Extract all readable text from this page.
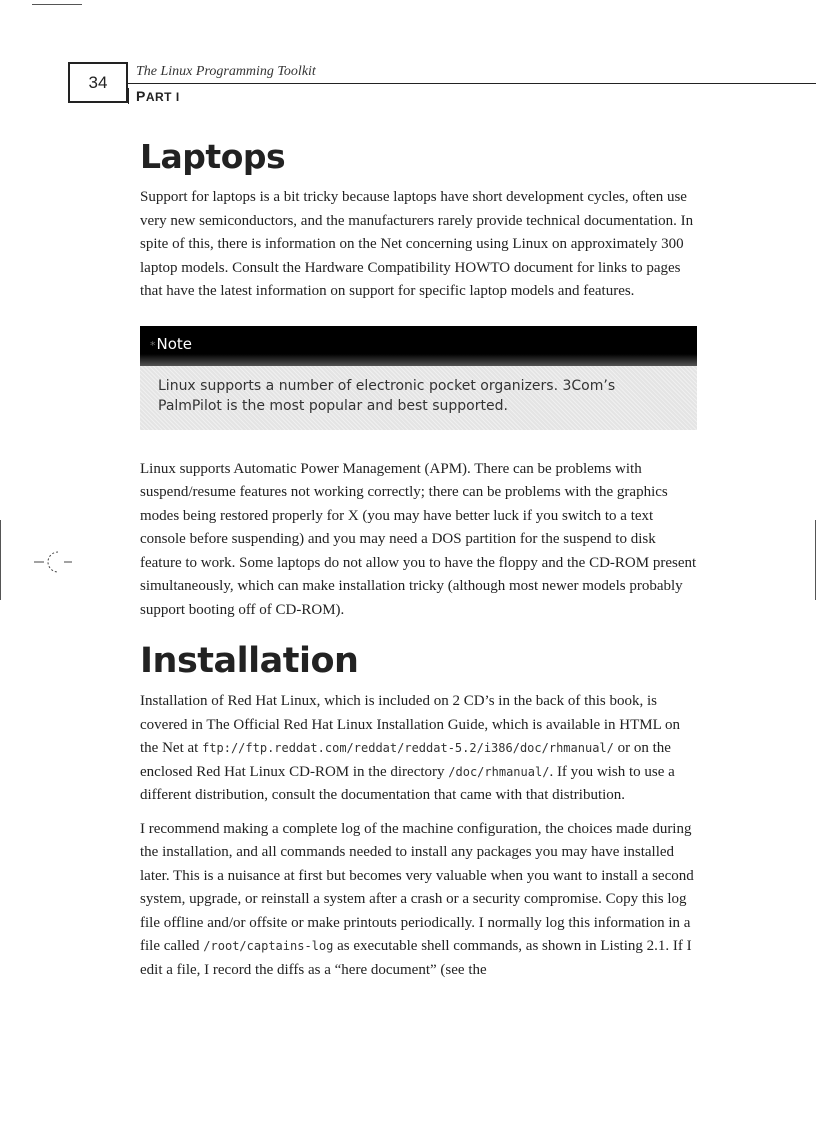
34
The Linux Programming Toolkit
PART I
Laptops

Support for laptops is a bit tricky because laptops have short development cycles, often use very new semiconductors, and the manufacturers rarely provide technical documentation. In spite of this, there is information on the Net concerning using Linux on approximately 300 laptop models. Consult the Hardware Compatibility HOWTO document for links to pages that have the latest information on support for specific laptop models and features.

*Note
Linux supports a number of electronic pocket organizers. 3Com’s PalmPilot is the most popular and best supported.

Linux supports Automatic Power Management (APM). There can be problems with suspend/resume features not working correctly; there can be problems with the graphics modes being restored properly for X (you may have better luck if you switch to a text console before suspending) and you may need a DOS partition for the suspend to disk feature to work. Some laptops do not allow you to have the floppy and the CD-ROM present simultaneously, which can make installation tricky (although most newer models probably support booting off of CD-ROM).

Installation

Installation of Red Hat Linux, which is included on 2 CD’s in the back of this book, is covered in The Official Red Hat Linux Installation Guide, which is available in HTML on the Net at ftp://ftp.reddat.com/reddat/reddat-5.2/i386/doc/rhmanual/ or on the enclosed Red Hat Linux CD-ROM in the directory /doc/rhmanual/. If you wish to use a different distribution, consult the documentation that came with that distribution.

I recommend making a complete log of the machine configuration, the choices made during the installation, and all commands needed to install any packages you may have installed later. This is a nuisance at first but becomes very valuable when you want to install a second system, upgrade, or reinstall a system after a crash or a security compromise. Copy this log file offline and/or offsite or make printouts periodically. I normally log this information in a file called /root/captains-log as executable shell commands, as shown in Listing 2.1. If I edit a file, I record the diffs as a “here document” (see the
